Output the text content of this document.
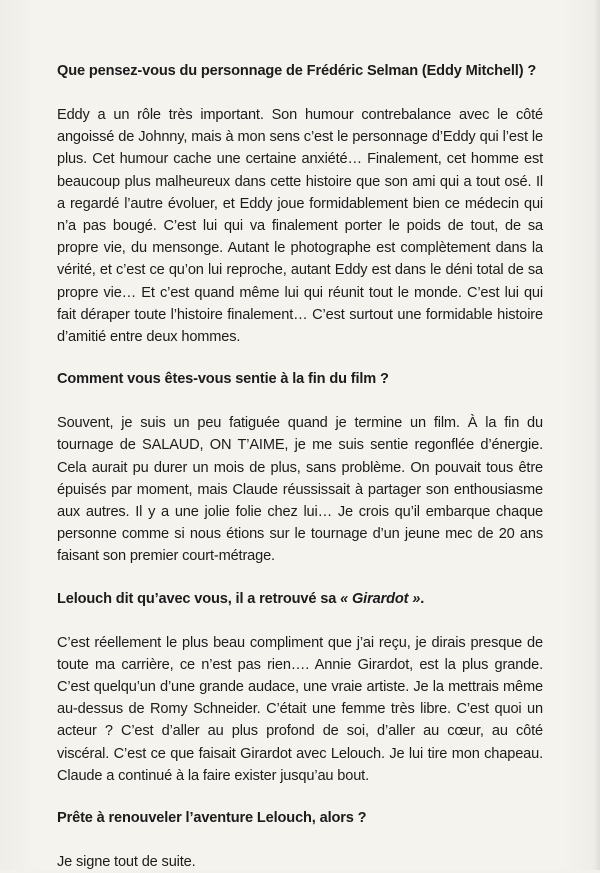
Que pensez-vous du personnage de Frédéric Selman (Eddy Mitchell) ?

Eddy a un rôle très important. Son humour contrebalance avec le côté angoissé de Johnny, mais à mon sens c’est le personnage d’Eddy qui l’est le plus. Cet humour cache une certaine anxiété… Finalement, cet homme est beaucoup plus malheureux dans cette histoire que son ami qui a tout osé. Il a regardé l’autre évoluer, et Eddy joue formidablement bien ce médecin qui n’a pas bougé. C’est lui qui va finalement porter le poids de tout, de sa propre vie, du mensonge. Autant le photographe est complètement dans la vérité, et c’est ce qu’on lui reproche, autant Eddy est dans le déni total de sa propre vie… Et c’est quand même lui qui réunit tout le monde. C’est lui qui fait déraper toute l’histoire finalement… C’est surtout une formidable histoire d’amitié entre deux hommes.

Comment vous êtes-vous sentie à la fin du film ?

Souvent, je suis un peu fatiguée quand je termine un film. À la fin du tournage de SALAUD, ON T’AIME, je me suis sentie regonflée d’énergie. Cela aurait pu durer un mois de plus, sans problème. On pouvait tous être épuisés par moment, mais Claude réussissait à partager son enthousiasme aux autres. Il y a une jolie folie chez lui… Je crois qu’il embarque chaque personne comme si nous étions sur le tournage d’un jeune mec de 20 ans faisant son premier court-métrage.

Lelouch dit qu’avec vous, il a retrouvé sa « Girardot ».

C’est réellement le plus beau compliment que j’ai reçu, je dirais presque de toute ma carrière, ce n’est pas rien…. Annie Girardot, est la plus grande. C’est quelqu’un d’une grande audace, une vraie artiste. Je la mettrais même au-dessus de Romy Schneider. C’était une femme très libre. C’est quoi un acteur ? C’est d’aller au plus profond de soi, d’aller au cœur, au côté viscéral. C’est ce que faisait Girardot avec Lelouch. Je lui tire mon chapeau. Claude a continué à la faire exister jusqu’au bout.

Prête à renouveler l’aventure Lelouch, alors ?

Je signe tout de suite.
